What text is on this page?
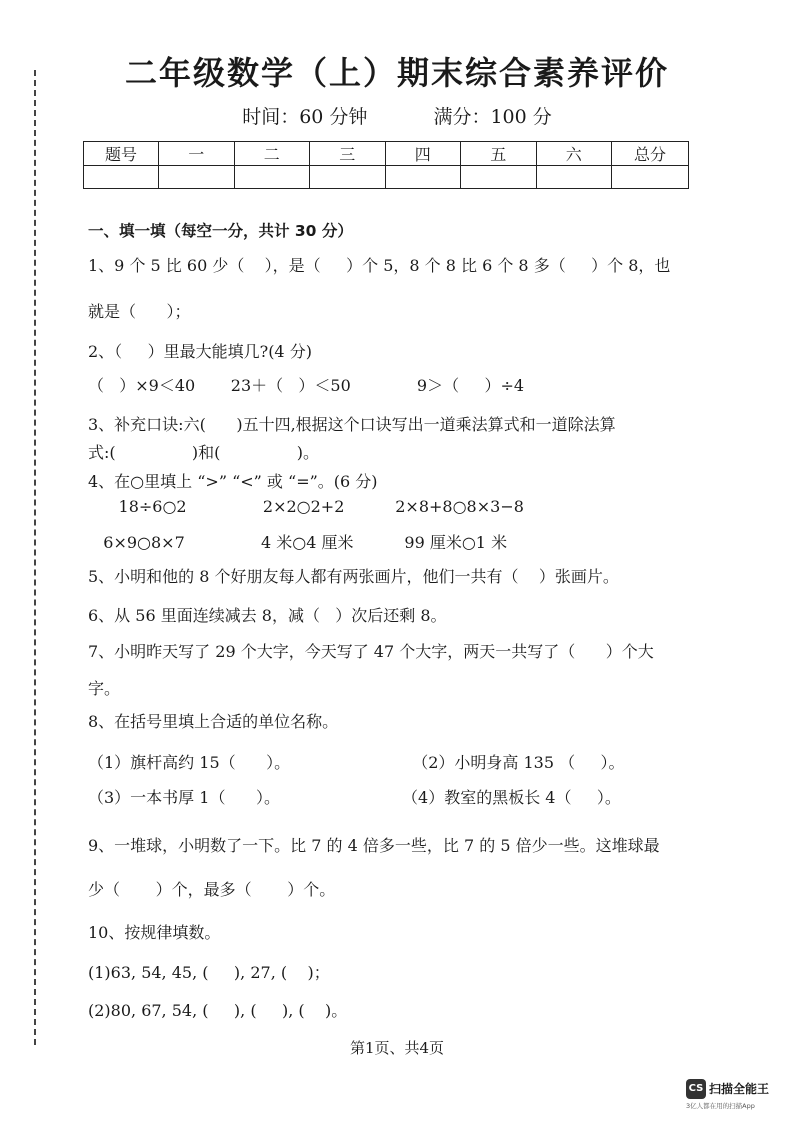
二年级数学（上）期末综合素养评价
时间：60 分钟	满分：100 分
题号	一	二	三	四	五	六	总分

一、填一填（每空一分，共计 30 分）
1、9 个 5 比 60 少（    ），是（     ）个 5，8 个 8 比 6 个 8 多（     ）个 8，也
就是（      ）；
2、（     ）里最大能填几?(4 分)
（   ）×9＜40       23＋（   ）＜50             9＞（     ）÷4
3、补充口诀:六(      )五十四,根据这个口诀写出一道乘法算式和一道除法算
式:(               )和(               )。
4、在○里填上 “>” “<” 或 “=”。(6 分)
18÷6○2               2×2○2+2          2×8+8○8×3−8
6×9○8×7               4 米○4 厘米          99 厘米○1 米
5、小明和他的 8 个好朋友每人都有两张画片，他们一共有（    ）张画片。
6、从 56 里面连续减去 8，减（   ）次后还剩 8。
7、小明昨天写了 29 个大字，今天写了 47 个大字，两天一共写了（      ）个大
字。
8、在括号里填上合适的单位名称。
（1）旗杆高约 15（      ）。                        （2）小明身高 135 （     ）。
（3）一本书厚 1（      ）。                        （4）教室的黑板长 4（     ）。
9、一堆球，小明数了一下。比 7 的 4 倍多一些，比 7 的 5 倍少一些。这堆球最
少（       ）个，最多（       ）个。
10、按规律填数。
(1)63, 54, 45, (     ), 27, (    )；
(2)80, 67, 54, (     ), (     ), (    )。
第1页、共4页
CS 扫描全能王
3亿人都在用的扫描App
